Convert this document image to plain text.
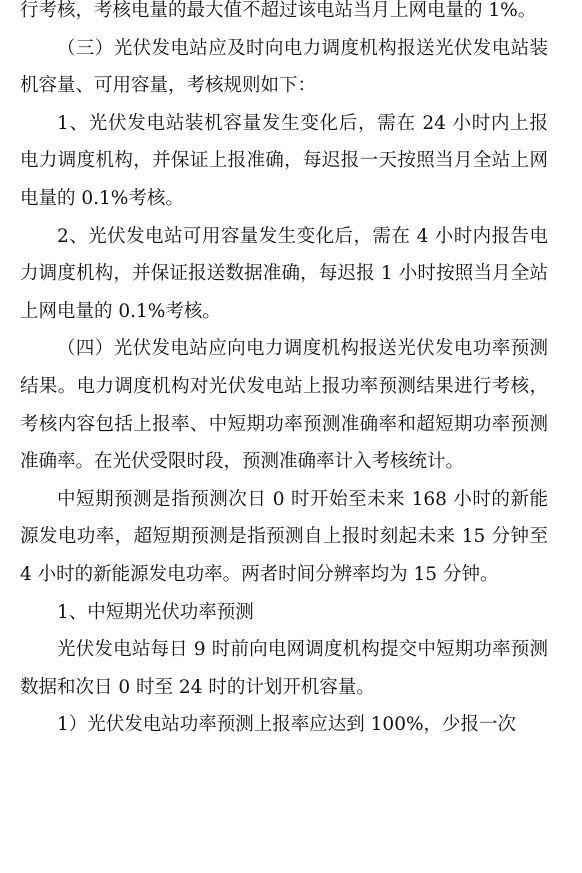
行考核，考核电量的最大值不超过该电站当月上网电量的 1%。

（三）光伏发电站应及时向电力调度机构报送光伏发电站装机容量、可用容量，考核规则如下：

1、光伏发电站装机容量发生变化后，需在 24 小时内上报电力调度机构，并保证上报准确，每迟报一天按照当月全站上网电量的 0.1%考核。

2、光伏发电站可用容量发生变化后，需在 4 小时内报告电力调度机构，并保证报送数据准确，每迟报 1 小时按照当月全站上网电量的 0.1%考核。

（四）光伏发电站应向电力调度机构报送光伏发电功率预测结果。电力调度机构对光伏发电站上报功率预测结果进行考核，考核内容包括上报率、中短期功率预测准确率和超短期功率预测准确率。在光伏受限时段，预测准确率计入考核统计。

中短期预测是指预测次日 0 时开始至未来 168 小时的新能源发电功率，超短期预测是指预测自上报时刻起未来 15 分钟至 4 小时的新能源发电功率。两者时间分辨率均为 15 分钟。

1、中短期光伏功率预测

光伏发电站每日 9 时前向电网调度机构提交中短期功率预测数据和次日 0 时至 24 时的计划开机容量。

1）光伏发电站功率预测上报率应达到 100%，少报一次
